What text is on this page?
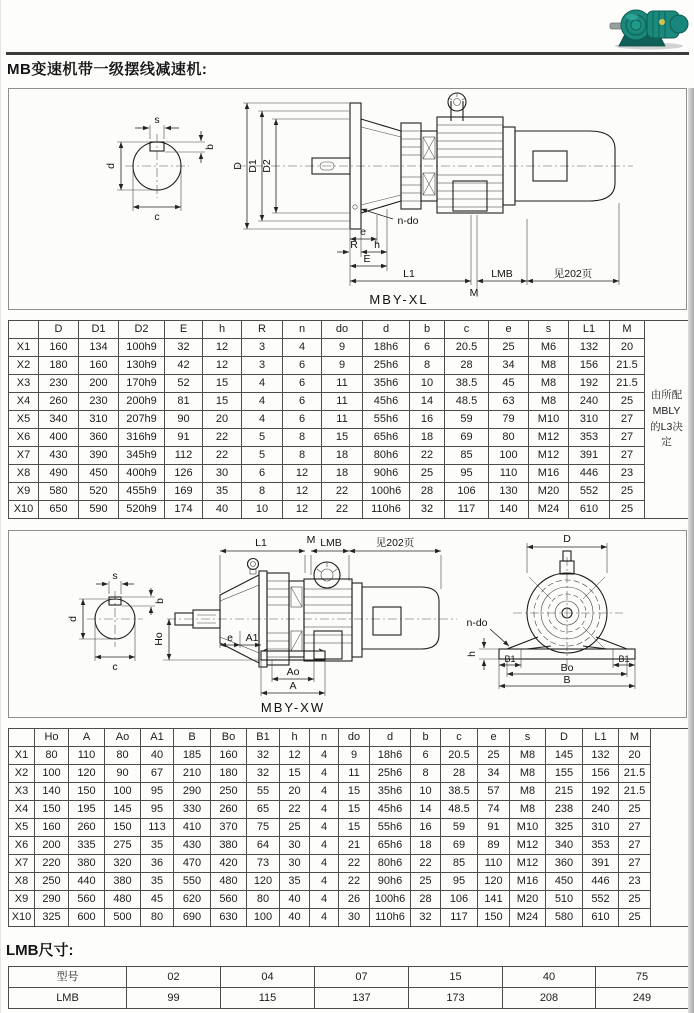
MB变速机带一级摆线减速机:
s
b
d
c
D D1 D2
n-do
e
R h
E
L1	LMB	见202页
M
MBY-XL
	D	D1	D2	E	h	R	n	do	d	b	c	e	s	L1	M	由所配
MBLY
的L3决
定

X1	160	134	100h9	32	12	3	4	9	18h6	6	20.5	25	M6	132	20	
X2	180	160	130h9	42	12	3	6	9	25h6	8	28	34	M8	156	21.5	
X3	230	200	170h9	52	15	4	6	11	35h6	10	38.5	45	M8	192	21.5	
X4	260	230	200h9	81	15	4	6	11	45h6	14	48.5	63	M8	240	25	
X5	340	310	207h9	90	20	4	6	11	55h6	16	59	79	M10	310	27	
X6	400	360	316h9	91	22	5	8	15	65h6	18	69	80	M12	353	27	
X7	430	390	345h9	112	22	5	8	18	80h6	22	85	100	M12	391	27	
X8	490	450	400h9	126	30	6	12	18	90h6	25	95	110	M16	446	23	
X9	580	520	455h9	169	35	8	12	22	100h6	28	106	130	M20	552	25	
X10	650	590	520h9	174	40	10	12	22	110h6	32	117	140	M24	610	25	
s
b
d
c
L1	M LMB	见202页
Ho	e A1
Ao
A
MBY-XW
D
n-do
h	B1	B1
Bo
B
	Ho	A	Ao	A1	B	Bo	B1	h	n	do	d	b	c	e	s	D	L1	M	
X1	80	110	80	40	185	160	32	12	4	9	18h6	6	20.5	25	M8	145	132	20	
X2	100	120	90	67	210	180	32	15	4	11	25h6	8	28	34	M8	155	156	21.5	
X3	140	150	100	95	290	250	55	20	4	15	35h6	10	38.5	57	M8	215	192	21.5	
X4	150	195	145	95	330	260	65	22	4	15	45h6	14	48.5	74	M8	238	240	25	
X5	160	260	150	113	410	370	75	25	4	15	55h6	16	59	91	M10	325	310	27	
X6	200	335	275	35	430	380	64	30	4	21	65h6	18	69	89	M12	340	353	27	
X7	220	380	320	36	470	420	73	30	4	22	80h6	22	85	110	M12	360	391	27	
X8	250	440	380	35	550	480	120	35	4	22	90h6	25	95	120	M16	450	446	23	
X9	290	560	480	45	620	560	80	40	4	26	100h6	28	106	141	M20	510	552	25	
X10	325	600	500	80	690	630	100	40	4	30	110h6	32	117	150	M24	580	610	25	
LMB尺寸:
型号	02	04	07	15	40	75
LMB	99	115	137	173	208	249
